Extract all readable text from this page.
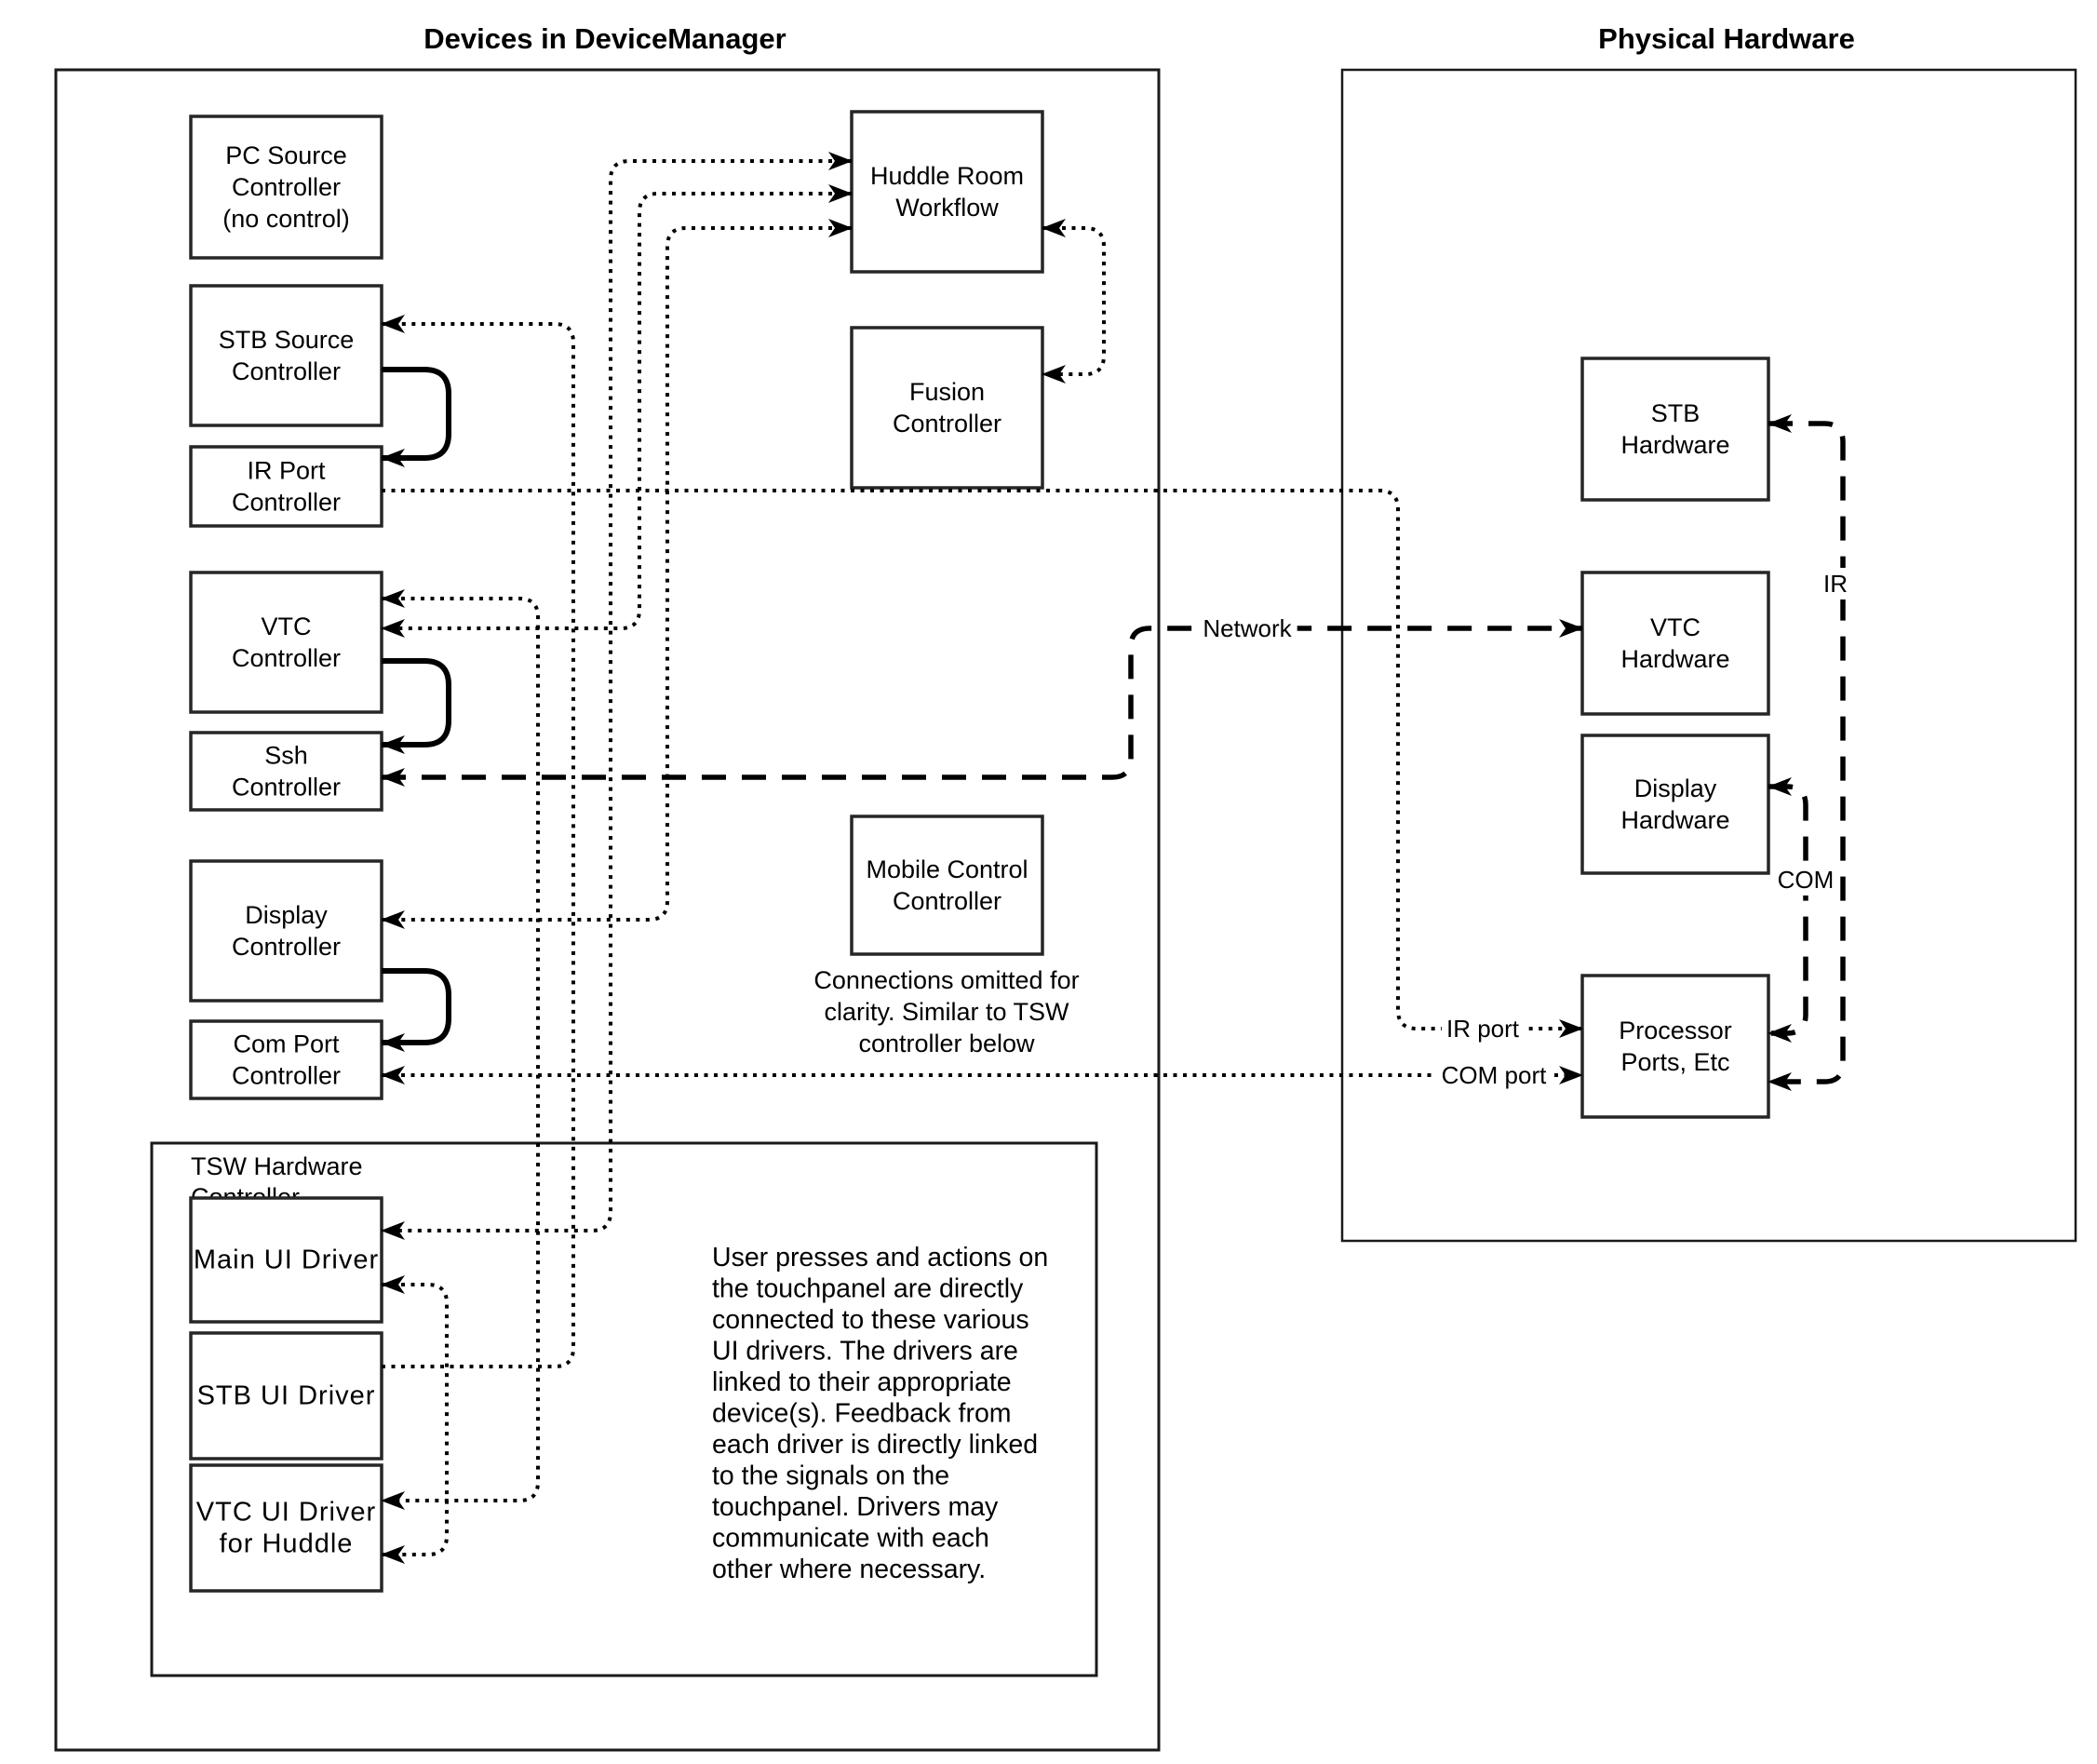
TSW Hardware
PC Source Controller (no control)
STB Source Controller
IR Port Controller
VTC Controller
Ssh Controller
Display Controller
Com Port Controller
Main UI Driver
STB UI Driver
VTC UI Driver for Huddle
Huddle Room Workflow
Fusion Controller
Mobile Control Controller
STB Hardware
VTC Hardware
Display Hardware
Processor Ports, Etc
Connections omitted for clarity. Similar to TSW controller below
User presses and actions on the touchpanel are directly connected to these various UI drivers. The drivers are linked to their appropriate device(s). Feedback from each driver is directly linked to the signals on the touchpanel. Drivers may communicate with each other where necessary.
IR port
COM port
Network
IR
COM
Devices in DeviceManager	Physical Hardware
